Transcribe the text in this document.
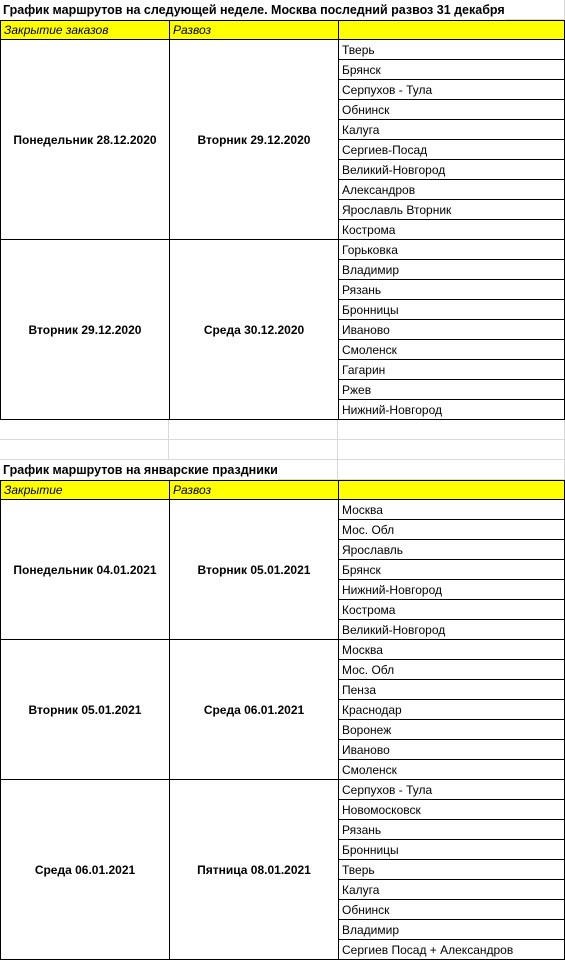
График маршрутов на следующей неделе. Москва последний развоз 31 декабря
Закрытие заказов	Развоз
Понедельник 28.12.2020	Вторник 29.12.2020
Тверь
Брянск
Серпухов - Тула
Обнинск
Калуга
Сергиев-Посад
Великий-Новгород
Александров
Ярославль Вторник
Кострома
Вторник 29.12.2020	Среда 30.12.2020
Горьковка
Владимир
Рязань
Бронницы
Иваново
Смоленск
Гагарин
Ржев
Нижний-Новгород
График маршрутов на январские праздники
Закрытие	Развоз
Понедельник 04.01.2021	Вторник 05.01.2021
Москва
Мос. Обл
Ярославль
Брянск
Нижний-Новгород
Кострома
Великий-Новгород
Вторник 05.01.2021	Среда 06.01.2021
Москва
Мос. Обл
Пенза
Краснодар
Воронеж
Иваново
Смоленск
Среда 06.01.2021	Пятница 08.01.2021
Серпухов - Тула
Новомосковск
Рязань
Бронницы
Тверь
Калуга
Обнинск
Владимир
Сергиев Посад + Александров
